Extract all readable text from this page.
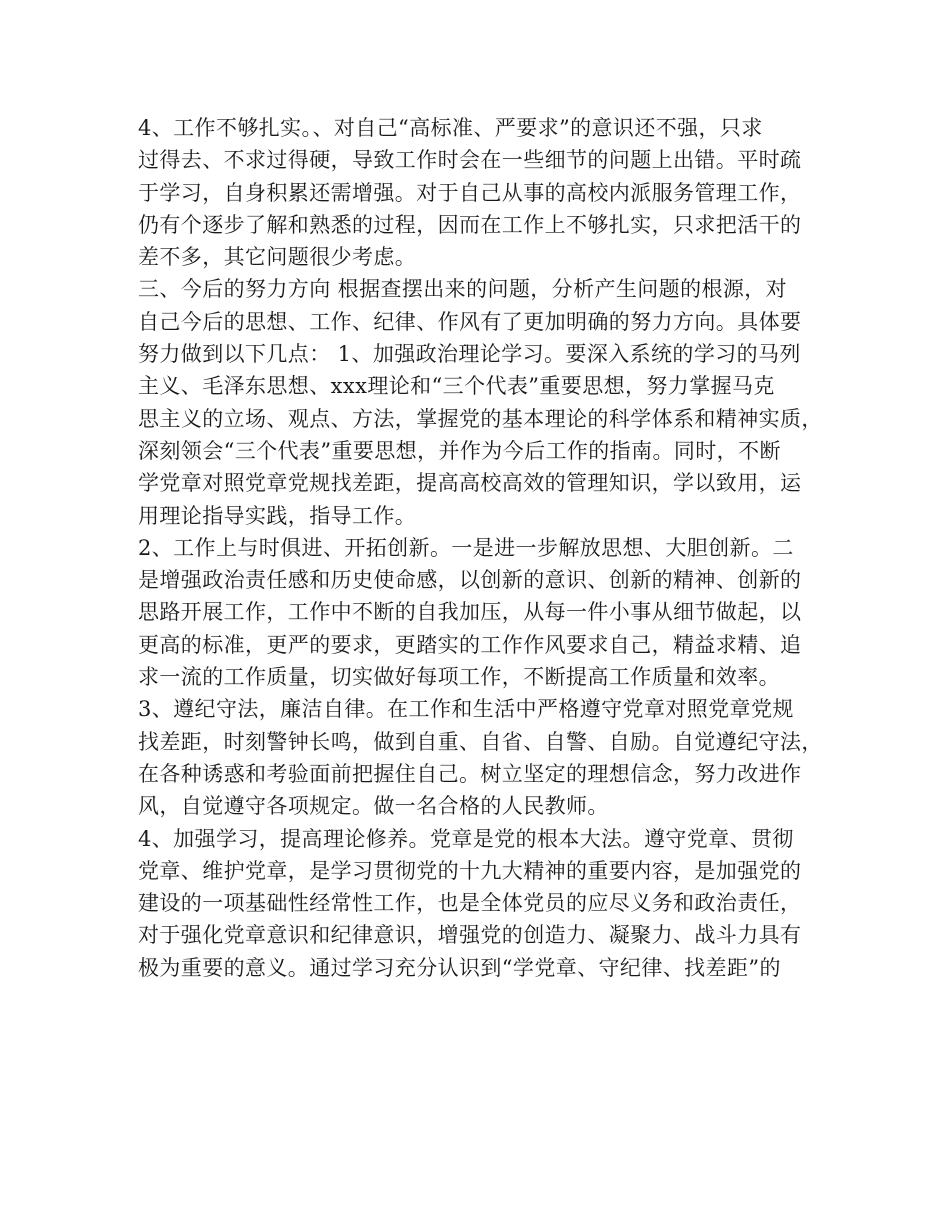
4、工作不够扎实。、对自己“高标准、严要求”的意识还不强，只求
过得去、不求过得硬，导致工作时会在一些细节的问题上出错。平时疏
于学习，自身积累还需增强。对于自己从事的高校内派服务管理工作，
仍有个逐步了解和熟悉的过程，因而在工作上不够扎实，只求把活干的
差不多，其它问题很少考虑。
三、今后的努力方向 根据查摆出来的问题，分析产生问题的根源，对
自己今后的思想、工作、纪律、作风有了更加明确的努力方向。具体要
努力做到以下几点： 1、加强政治理论学习。要深入系统的学习的马列
主义、毛泽东思想、xxx理论和“三个代表”重要思想，努力掌握马克
思主义的立场、观点、方法，掌握党的基本理论的科学体系和精神实质，
深刻领会“三个代表”重要思想，并作为今后工作的指南。同时，不断
学党章对照党章党规找差距，提高高校高效的管理知识，学以致用，运
用理论指导实践，指导工作。
2、工作上与时俱进、开拓创新。一是进一步解放思想、大胆创新。二
是增强政治责任感和历史使命感，以创新的意识、创新的精神、创新的
思路开展工作，工作中不断的自我加压，从每一件小事从细节做起，以
更高的标准，更严的要求，更踏实的工作作风要求自己，精益求精、追
求一流的工作质量，切实做好每项工作，不断提高工作质量和效率。
3、遵纪守法，廉洁自律。在工作和生活中严格遵守党章对照党章党规
找差距，时刻警钟长鸣，做到自重、自省、自警、自励。自觉遵纪守法，
在各种诱惑和考验面前把握住自己。树立坚定的理想信念，努力改进作
风，自觉遵守各项规定。做一名合格的人民教师。
4、加强学习，提高理论修养。党章是党的根本大法。遵守党章、贯彻
党章、维护党章，是学习贯彻党的十九大精神的重要内容，是加强党的
建设的一项基础性经常性工作，也是全体党员的应尽义务和政治责任，
对于强化党章意识和纪律意识，增强党的创造力、凝聚力、战斗力具有
极为重要的意义。通过学习充分认识到“学党章、守纪律、找差距”的
